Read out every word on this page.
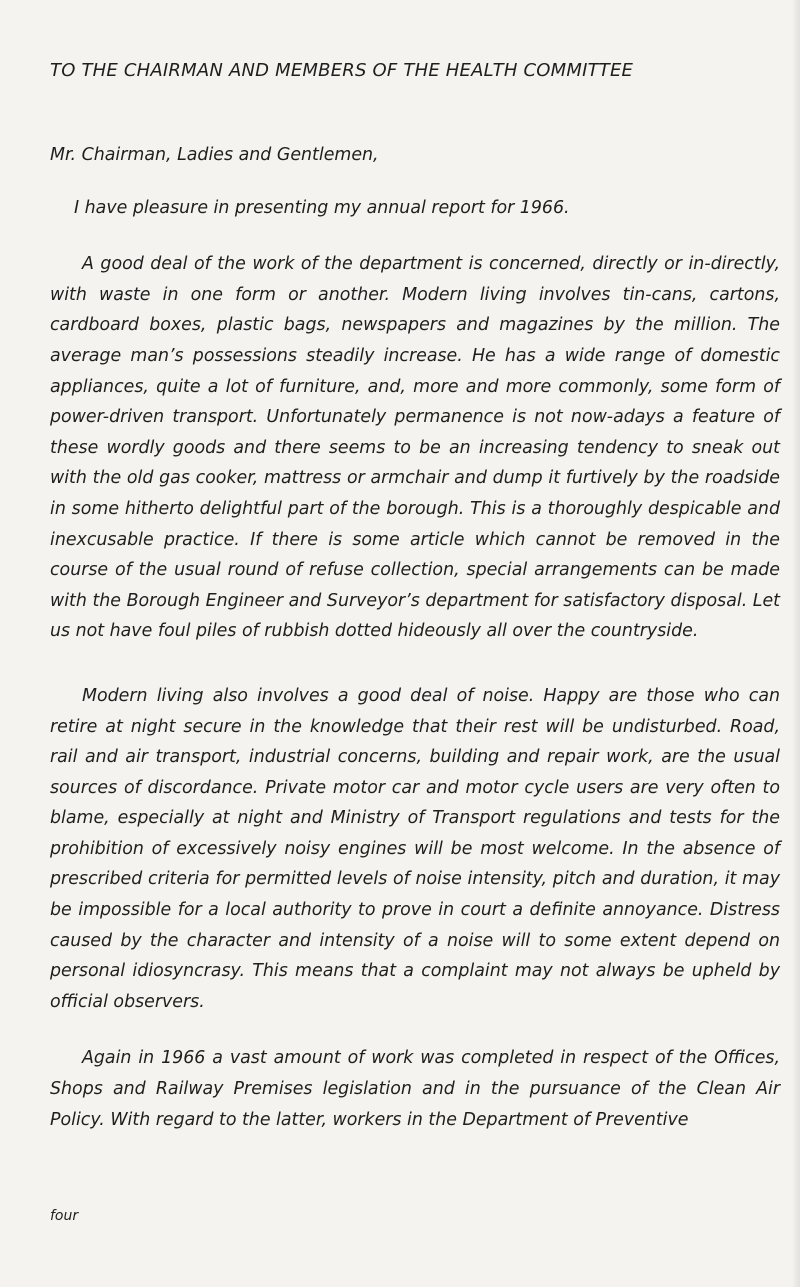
TO THE CHAIRMAN AND MEMBERS OF THE HEALTH COMMITTEE

Mr. Chairman, Ladies and Gentlemen,

I have pleasure in presenting my annual report for 1966.

A good deal of the work of the department is concerned, directly or in-directly, with waste in one form or another. Modern living involves tin-cans, cartons, cardboard boxes, plastic bags, newspapers and magazines by the million. The average man’s possessions steadily increase. He has a wide range of domestic appliances, quite a lot of furniture, and, more and more commonly, some form of power-driven transport. Unfortunately permanence is not now-adays a feature of these wordly goods and there seems to be an increasing tendency to sneak out with the old gas cooker, mattress or armchair and dump it furtively by the roadside in some hitherto delightful part of the borough. This is a thoroughly despicable and inexcusable practice. If there is some article which cannot be removed in the course of the usual round of refuse collection, special arrangements can be made with the Borough Engineer and Surveyor’s department for satisfactory disposal. Let us not have foul piles of rubbish dotted hideously all over the countryside.

Modern living also involves a good deal of noise. Happy are those who can retire at night secure in the knowledge that their rest will be undisturbed. Road, rail and air transport, industrial concerns, building and repair work, are the usual sources of discordance. Private motor car and motor cycle users are very often to blame, especially at night and Ministry of Transport regulations and tests for the prohibition of excessively noisy engines will be most welcome. In the absence of prescribed criteria for permitted levels of noise intensity, pitch and duration, it may be impossible for a local authority to prove in court a definite annoyance. Distress caused by the character and intensity of a noise will to some extent depend on personal idiosyncrasy. This means that a complaint may not always be upheld by official observers.

Again in 1966 a vast amount of work was completed in respect of the Offices, Shops and Railway Premises legislation and in the pursuance of the Clean Air Policy. With regard to the latter, workers in the Department of Preventive

four
